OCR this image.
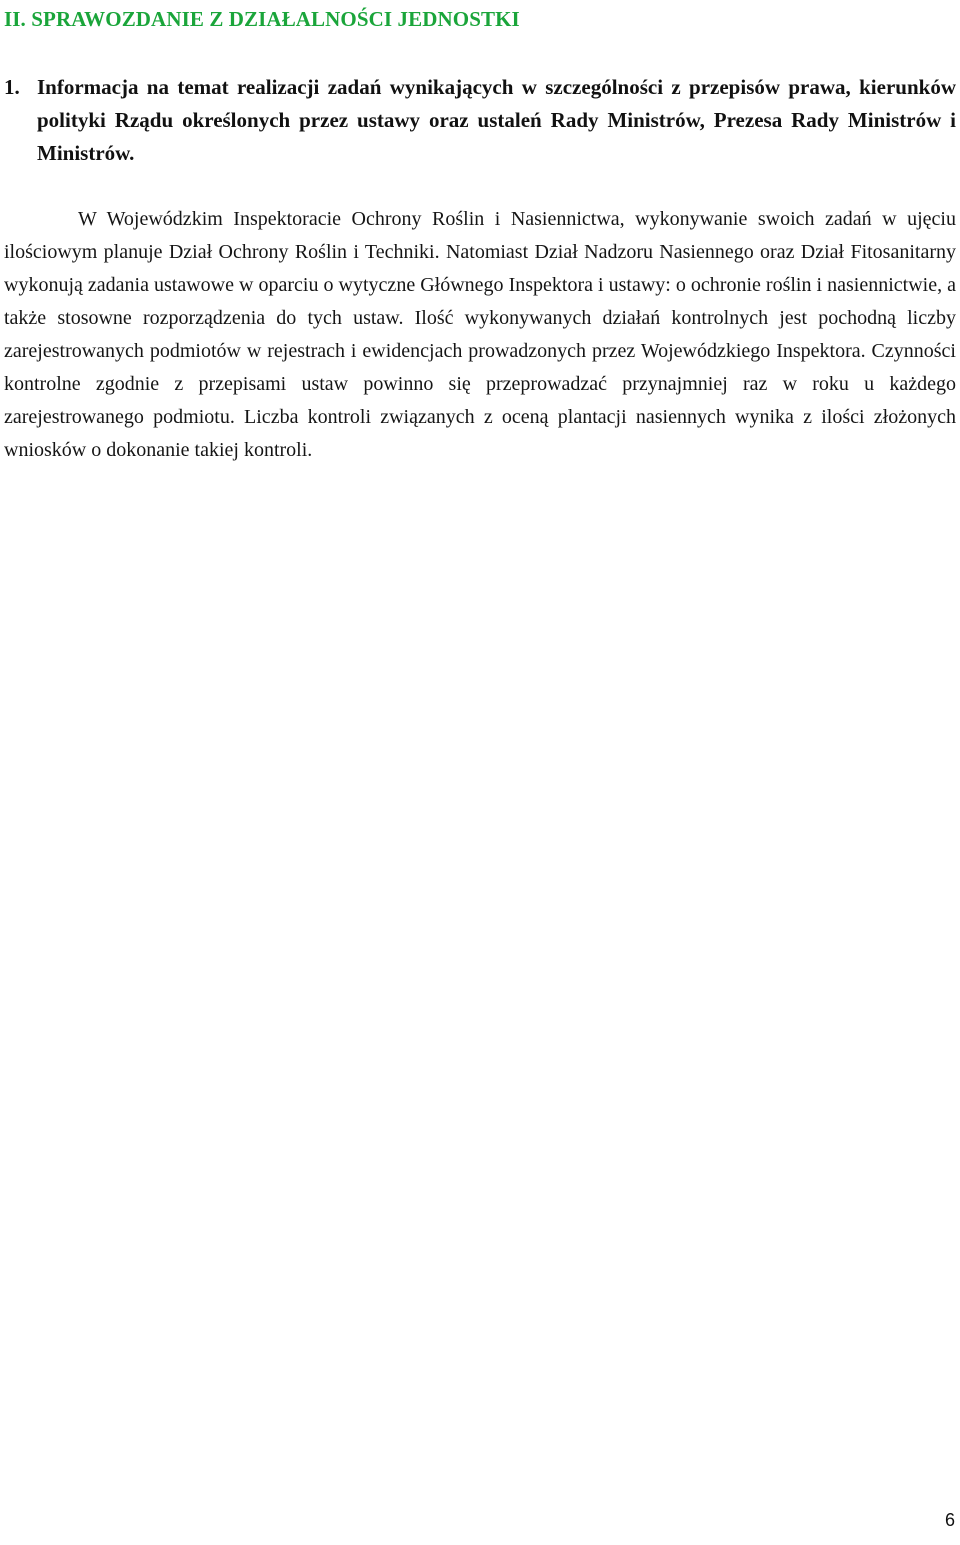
II. SPRAWOZDANIE Z DZIAŁALNOŚCI JEDNOSTKI
1. Informacja na temat realizacji zadań wynikających w szczególności z przepisów prawa, kierunków polityki Rządu określonych przez ustawy oraz ustaleń Rady Ministrów, Prezesa Rady Ministrów i Ministrów.

W Wojewódzkim Inspektoracie Ochrony Roślin i Nasiennictwa, wykonywanie swoich zadań w ujęciu ilościowym planuje Dział Ochrony Roślin i Techniki. Natomiast Dział Nadzoru Nasiennego oraz Dział Fitosanitarny wykonują zadania ustawowe w oparciu o wytyczne Głównego Inspektora i ustawy: o ochronie roślin i nasiennictwie, a także stosowne rozporządzenia do tych ustaw. Ilość wykonywanych działań kontrolnych jest pochodną liczby zarejestrowanych podmiotów w rejestrach i ewidencjach prowadzonych przez Wojewódzkiego Inspektora. Czynności kontrolne zgodnie z przepisami ustaw powinno się przeprowadzać przynajmniej raz w roku u każdego zarejestrowanego podmiotu. Liczba kontroli związanych z oceną plantacji nasiennych wynika z ilości złożonych wniosków o dokonanie takiej kontroli.

6
